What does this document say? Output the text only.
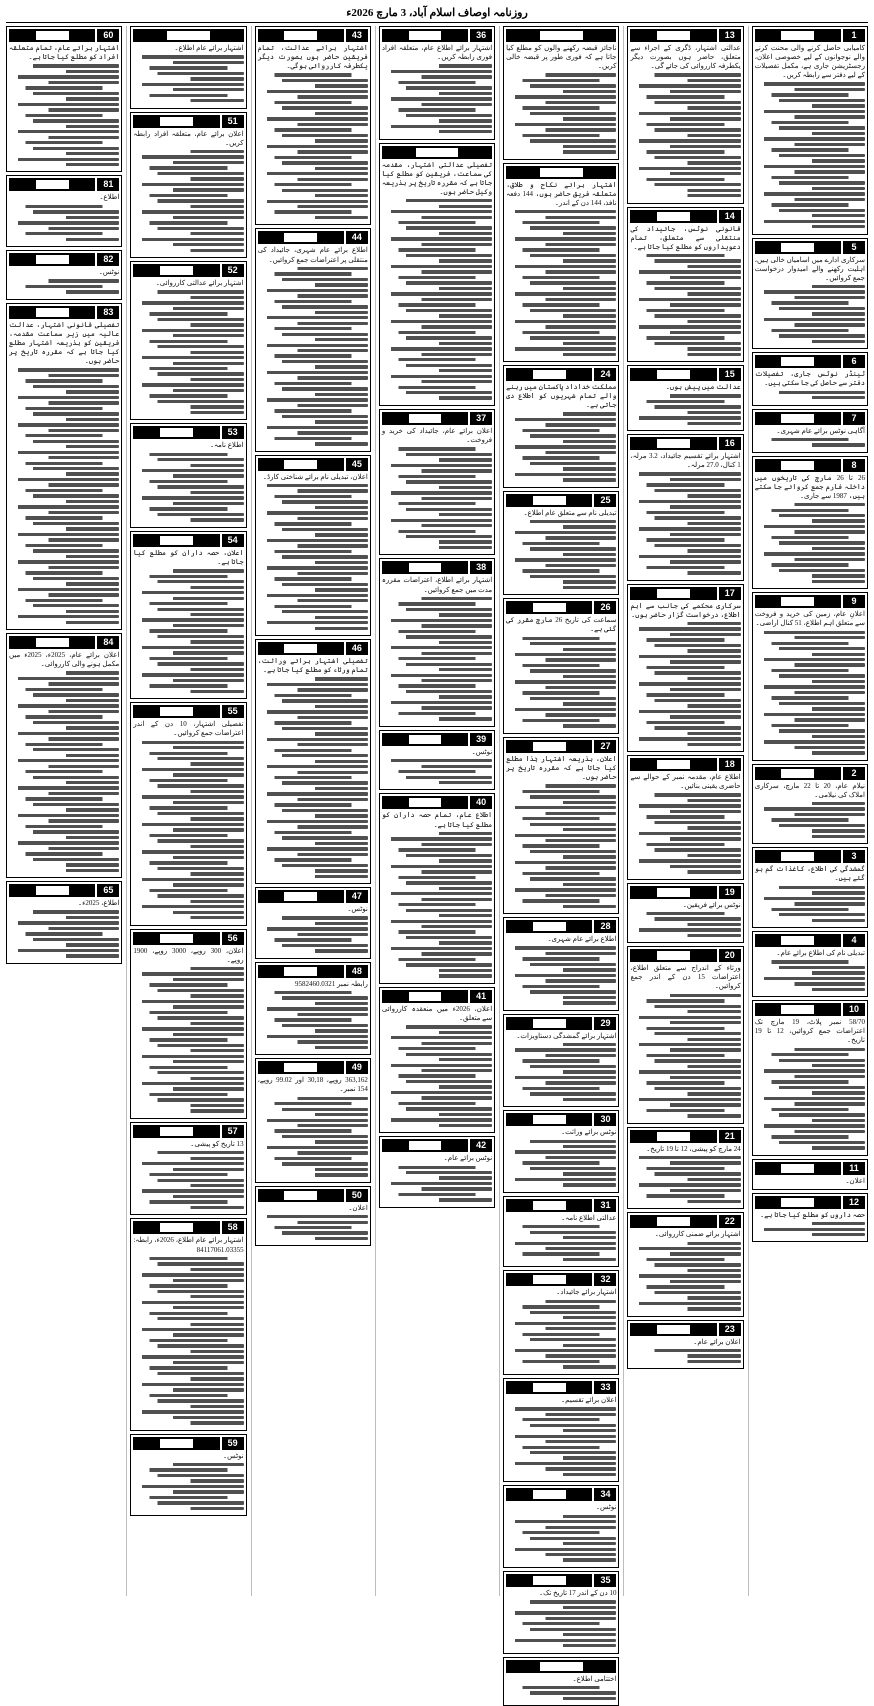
روزنامہ اوصاف اسلام آباد، 3 مارچ 2026ء
1
کامیابی حاصل کرنے والی محنت کرنے والے نوجوانوں کے لیے خصوصی اعلان، رجسٹریشن جاری ہے، مکمل تفصیلات کے لیے دفتر سے رابطہ کریں۔
5
سرکاری ادارے میں اسامیاں خالی ہیں، اہلیت رکھنے والے امیدوار درخواست جمع کروائیں۔
6
ٹینڈر نوٹس جاری، تفصیلات دفتر سے حاصل کی جا سکتی ہیں۔
7
آگاہی نوٹس برائے عام شہری۔
8
26 تا 26 مارچ کی تاریخوں میں داخلہ فارم جمع کروائے جا سکتے ہیں، 1987 سے جاری۔
9
اعلانِ عام، زمین کی خرید و فروخت سے متعلق اہم اطلاع، 51 کنال اراضی۔
2
نیلام عام، 20 تا 22 مارچ، سرکاری املاک کی نیلامی۔
3
گمشدگی کی اطلاع، کاغذات گم ہو گئے ہیں۔
4
تبدیلی نام کی اطلاع برائے عام۔
10
58/70 نمبر پلاٹ، 19 مارچ تک اعتراضات جمع کروائیں، 12 تا 19 تاریخ۔
11
اعلان۔
12
حصہ داروں کو مطلع کیا جاتا ہے۔
13
عدالتی اشتہار، ڈگری کے اجراء سے متعلق، حاضر ہوں بصورت دیگر یکطرفہ کارروائی کی جائے گی۔
14
قانونی نوٹس، جائیداد کی منتقلی سے متعلق، تمام دعویداروں کو مطلع کیا جاتا ہے۔
15
عدالت میں پیش ہوں۔
16
اشتہار برائے تقسیم جائیداد، 3.2 مرلہ، 1 کنال، 27.0 مرلہ۔
17
سرکاری محکمے کی جانب سے اہم اطلاع، درخواست گزار حاضر ہوں۔
18
اطلاع عام، مقدمہ نمبر کے حوالے سے حاضری یقینی بنائیں۔
19
نوٹس برائے فریقین۔
20
ورثاء کے اندراج سے متعلق اطلاع، اعتراضات 15 دن کے اندر جمع کروائیں۔
21
24 مارچ کو پیشی، 12 تا 19 تاریخ۔
22
اشتہار برائے ضمنی کارروائی۔
23
اعلان برائے عام۔
ناجائز قبضہ رکھنے والوں کو مطلع کیا جاتا ہے کہ فوری طور پر قبضہ خالی کریں۔
اشتہار برائے نکاح و طلاق، متعلقہ فریق حاضر ہوں، 144 دفعہ نافذ، 144 دن کے اندر۔
24
مملکت خداداد پاکستان میں رہنے والے تمام شہریوں کو اطلاع دی جاتی ہے۔
25
تبدیلی نام سے متعلق عام اطلاع۔
26
سماعت کی تاریخ 26 مارچ مقرر کی گئی ہے۔
27
اعلان، بذریعہ اشتہار ہٰذا مطلع کیا جاتا ہے کہ مقررہ تاریخ پر حاضر ہوں۔
28
اطلاع برائے عام شہری۔
29
اشتہار برائے گمشدگی دستاویزات۔
30
نوٹس برائے وراثت۔
31
عدالتی اطلاع نامہ۔
32
اشتہار برائے جائیداد۔
33
اعلان برائے تقسیم۔
34
نوٹس۔
35
10 دن کے اندر 17 تاریخ تک۔
اختتامی اطلاع۔
36
اشتہار برائے اطلاع عام، متعلقہ افراد فوری رابطہ کریں۔
تفصیلی عدالتی اشتہار، مقدمہ کی سماعت، فریقین کو مطلع کیا جاتا ہے کہ مقررہ تاریخ پر بذریعہ وکیل حاضر ہوں۔
37
اعلان برائے عام، جائیداد کی خرید و فروخت۔
38
اشتہار برائے اطلاع، اعتراضات مقررہ مدت میں جمع کروائیں۔
39
نوٹس۔
40
اطلاع عام، تمام حصہ داران کو مطلع کیا جاتا ہے۔
41
اعلان، 2026ء میں منعقدہ کارروائی سے متعلق۔
42
نوٹس برائے عام۔
43
اشتہار برائے عدالت، تمام فریقین حاضر ہوں بصورت دیگر یکطرفہ کارروائی ہوگی۔
44
اطلاع برائے عام شہری، جائیداد کی منتقلی پر اعتراضات جمع کروائیں۔
45
اعلان، تبدیلی نام برائے شناختی کارڈ۔
46
تفصیلی اشتہار برائے وراثت، تمام ورثاء کو مطلع کیا جاتا ہے۔
47
نوٹس۔
48
رابطہ نمبر 9582460.0321
49
363,162 روپے، 30,18 اور 99.02 روپے، 154 نمبر۔
50
اعلان۔
اشتہار برائے عام اطلاع۔
51
اعلان برائے عام، متعلقہ افراد رابطہ کریں۔
52
اشتہار برائے عدالتی کارروائی۔
53
اطلاع نامہ۔
54
اعلان، حصہ داران کو مطلع کیا جاتا ہے۔
55
تفصیلی اشتہار، 10 دن کے اندر اعتراضات جمع کروائیں۔
56
اعلان، 300 روپے، 3000 روپے، 1900 روپے۔
57
13 تاریخ کو پیشی۔
58
اشتہار برائے عام اطلاع، 2026ء، رابطہ: 84117061.03355
59
نوٹس۔
60
اشتہار برائے عام، تمام متعلقہ افراد کو مطلع کیا جاتا ہے۔
81
اطلاع۔
82
نوٹس۔
83
تفصیلی قانونی اشتہار، عدالت عالیہ میں زیر سماعت مقدمہ، فریقین کو بذریعہ اشتہار مطلع کیا جاتا ہے کہ مقررہ تاریخ پر حاضر ہوں۔
84
اعلان برائے عام، 2025ء، 2025ء میں مکمل ہونے والی کارروائی۔
65
اطلاع، 2025ء۔
